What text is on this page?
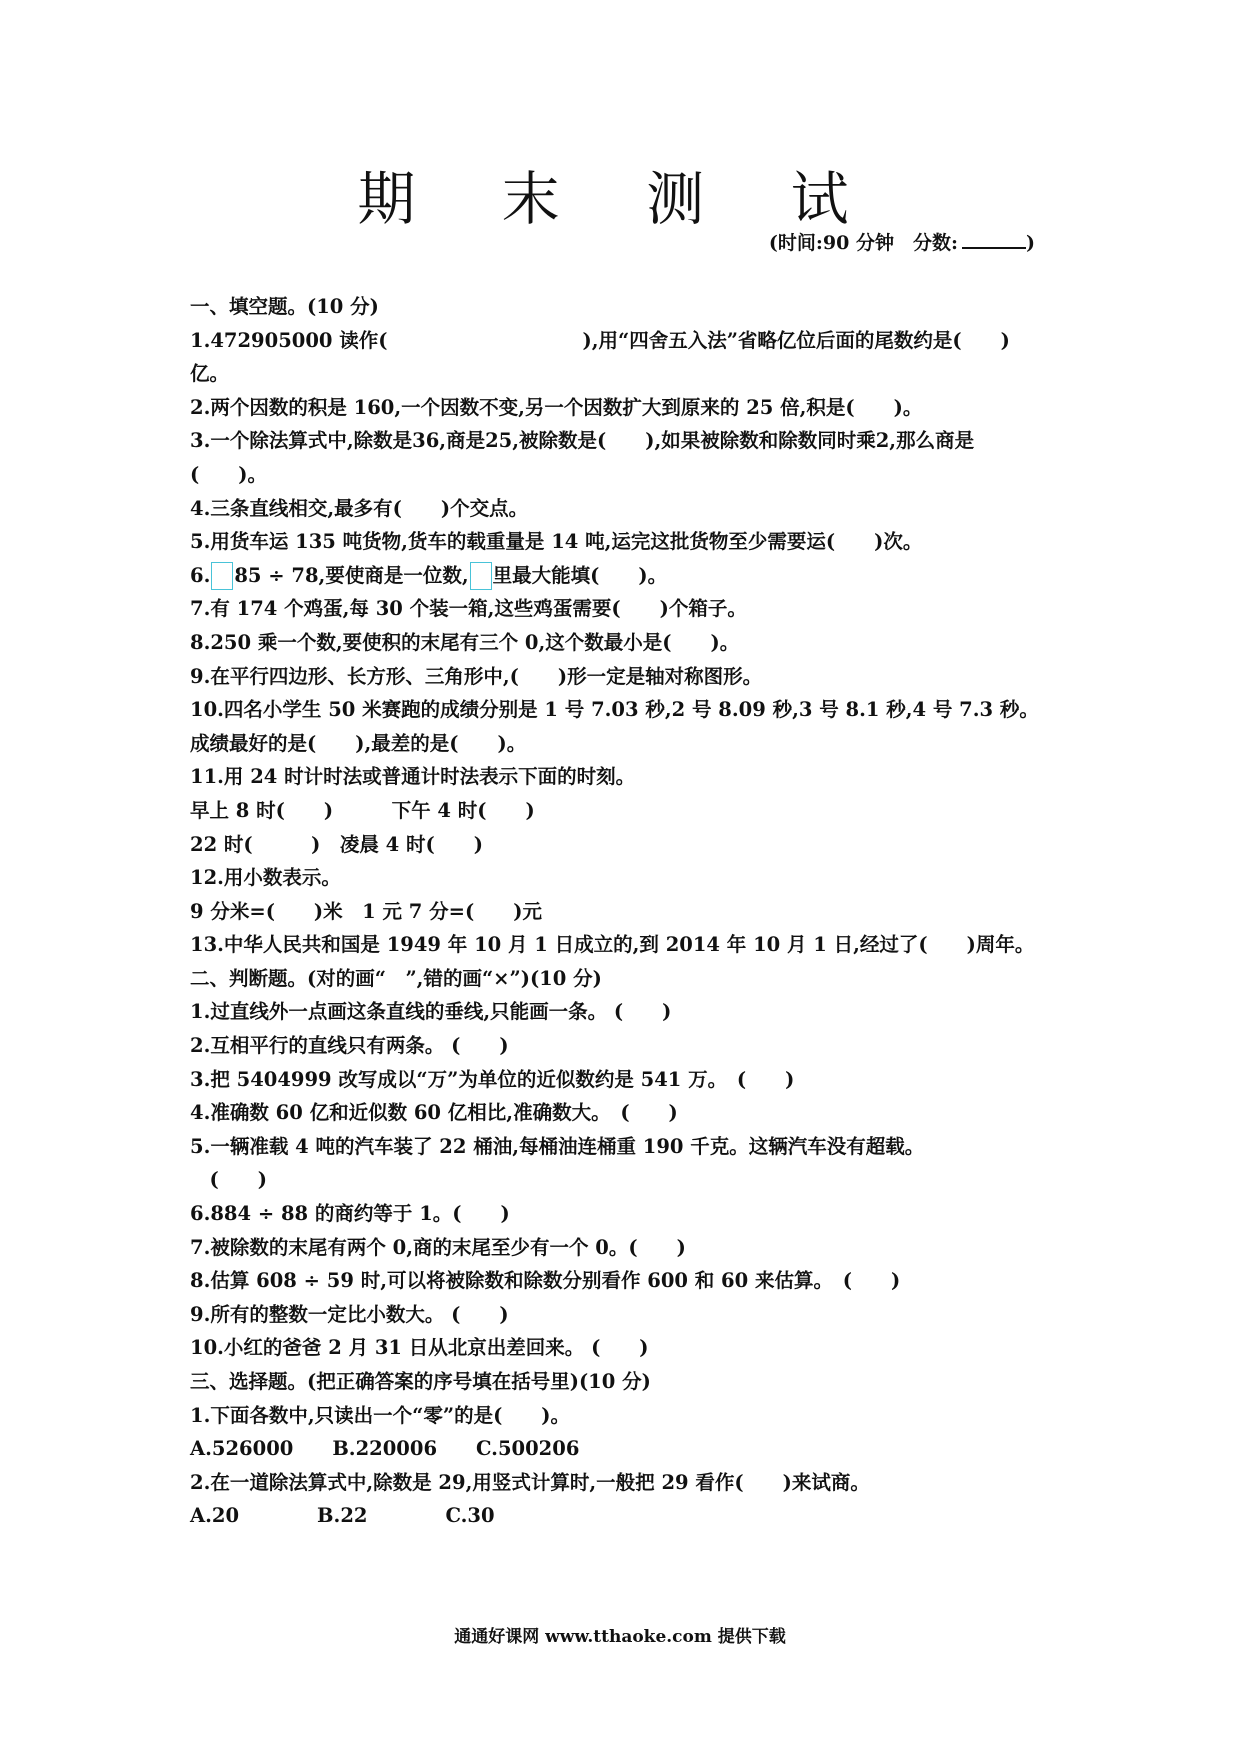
期 末 测 试
(时间:90 分钟　分数:	)
一、填空题。(10 分)
1.472905000 读作(　　　　　　　　　　),用“四舍五入法”省略亿位后面的尾数约是(　　)
亿。
2.两个因数的积是 160,一个因数不变,另一个因数扩大到原来的 25 倍,积是(　　)。
3.一个除法算式中,除数是36,商是25,被除数是(　　),如果被除数和除数同时乘2,那么商是
(　　)。
4.三条直线相交,最多有(　　)个交点。
5.用货车运 135 吨货物,货车的载重量是 14 吨,运完这批货物至少需要运(　　)次。
6. 85 ÷ 78,要使商是一位数, 里最大能填(　　)。
7.有 174 个鸡蛋,每 30 个装一箱,这些鸡蛋需要(　　)个箱子。
8.250 乘一个数,要使积的末尾有三个 0,这个数最小是(　　)。
9.在平行四边形、长方形、三角形中,(　　)形一定是轴对称图形。
10.四名小学生 50 米赛跑的成绩分别是 1 号 7.03 秒,2 号 8.09 秒,3 号 8.1 秒,4 号 7.3 秒。
成绩最好的是(　　),最差的是(　　)。
11.用 24 时计时法或普通计时法表示下面的时刻。
早上 8 时(　　)　　　下午 4 时(　　)
22 时(　　　)　凌晨 4 时(　　)
12.用小数表示。
9 分米=(　　)米　1 元 7 分=(　　)元
13.中华人民共和国是 1949 年 10 月 1 日成立的,到 2014 年 10 月 1 日,经过了(　　)周年。
二、判断题。(对的画“　”,错的画“×”)(10 分)
1.过直线外一点画这条直线的垂线,只能画一条。 (　　)
2.互相平行的直线只有两条。 (　　)
3.把 5404999 改写成以“万”为单位的近似数约是 541 万。　(　　)
4.准确数 60 亿和近似数 60 亿相比,准确数大。　(　　)
5.一辆准载 4 吨的汽车装了 22 桶油,每桶油连桶重 190 千克。这辆汽车没有超载。
　(　　)
6.884 ÷ 88 的商约等于 1。(　　)
7.被除数的末尾有两个 0,商的末尾至少有一个 0。(　　)
8.估算 608 ÷ 59 时,可以将被除数和除数分别看作 600 和 60 来估算。　(　　)
9.所有的整数一定比小数大。 (　　)
10.小红的爸爸 2 月 31 日从北京出差回来。 (　　)
三、选择题。(把正确答案的序号填在括号里)(10 分)
1.下面各数中,只读出一个“零”的是(　　)。
A.526000　　B.220006　　C.500206
2.在一道除法算式中,除数是 29,用竖式计算时,一般把 29 看作(　　)来试商。
A.20　　　　B.22　　　　C.30
通通好课网 www.tthaoke.com 提供下载
